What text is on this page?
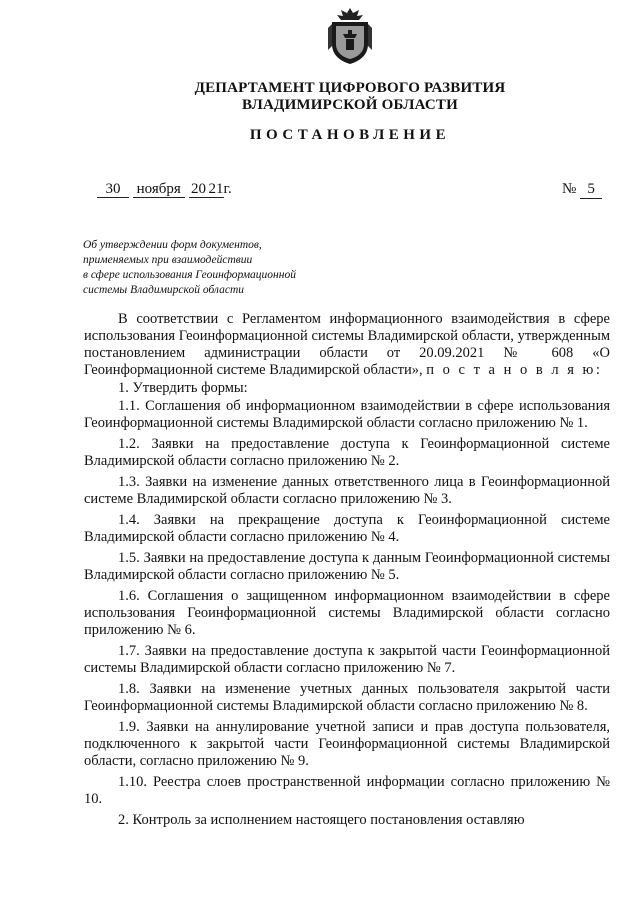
ДЕПАРТАМЕНТ ЦИФРОВОГО РАЗВИТИЯ
ВЛАДИМИРСКОЙ ОБЛАСТИ
ПОСТАНОВЛЕНИЕ
30 ноября 20 21г.	№ 5
Об утверждении форм документов,
применяемых при взаимодействии
в сфере использования Геоинформационной
системы Владимирской области

В соответствии с Регламентом информационного взаимодействия в сфере использования Геоинформационной системы Владимирской области, утвержденным постановлением администрации области от 20.09.2021 № 608 «О Геоинформационной системе Владимирской области», п о с т а н о в л я ю:

1. Утвердить формы:

1.1. Соглашения об информационном взаимодействии в сфере использования Геоинформационной системы Владимирской области согласно приложению № 1.

1.2. Заявки на предоставление доступа к Геоинформационной системе Владимирской области согласно приложению № 2.

1.3. Заявки на изменение данных ответственного лица в Геоинформационной системе Владимирской области согласно приложению № 3.

1.4. Заявки на прекращение доступа к Геоинформационной системе Владимирской области согласно приложению № 4.

1.5. Заявки на предоставление доступа к данным Геоинформационной системы Владимирской области согласно приложению № 5.

1.6. Соглашения о защищенном информационном взаимодействии в сфере использования Геоинформационной системы Владимирской области согласно приложению № 6.

1.7. Заявки на предоставление доступа к закрытой части Геоинформационной системы Владимирской области согласно приложению № 7.

1.8. Заявки на изменение учетных данных пользователя закрытой части Геоинформационной системы Владимирской области согласно приложению № 8.

1.9. Заявки на аннулирование учетной записи и прав доступа пользователя, подключенного к закрытой части Геоинформационной системы Владимирской области, согласно приложению № 9.

1.10. Реестра слоев пространственной информации согласно приложению № 10.

2. Контроль за исполнением настоящего постановления оставляю
